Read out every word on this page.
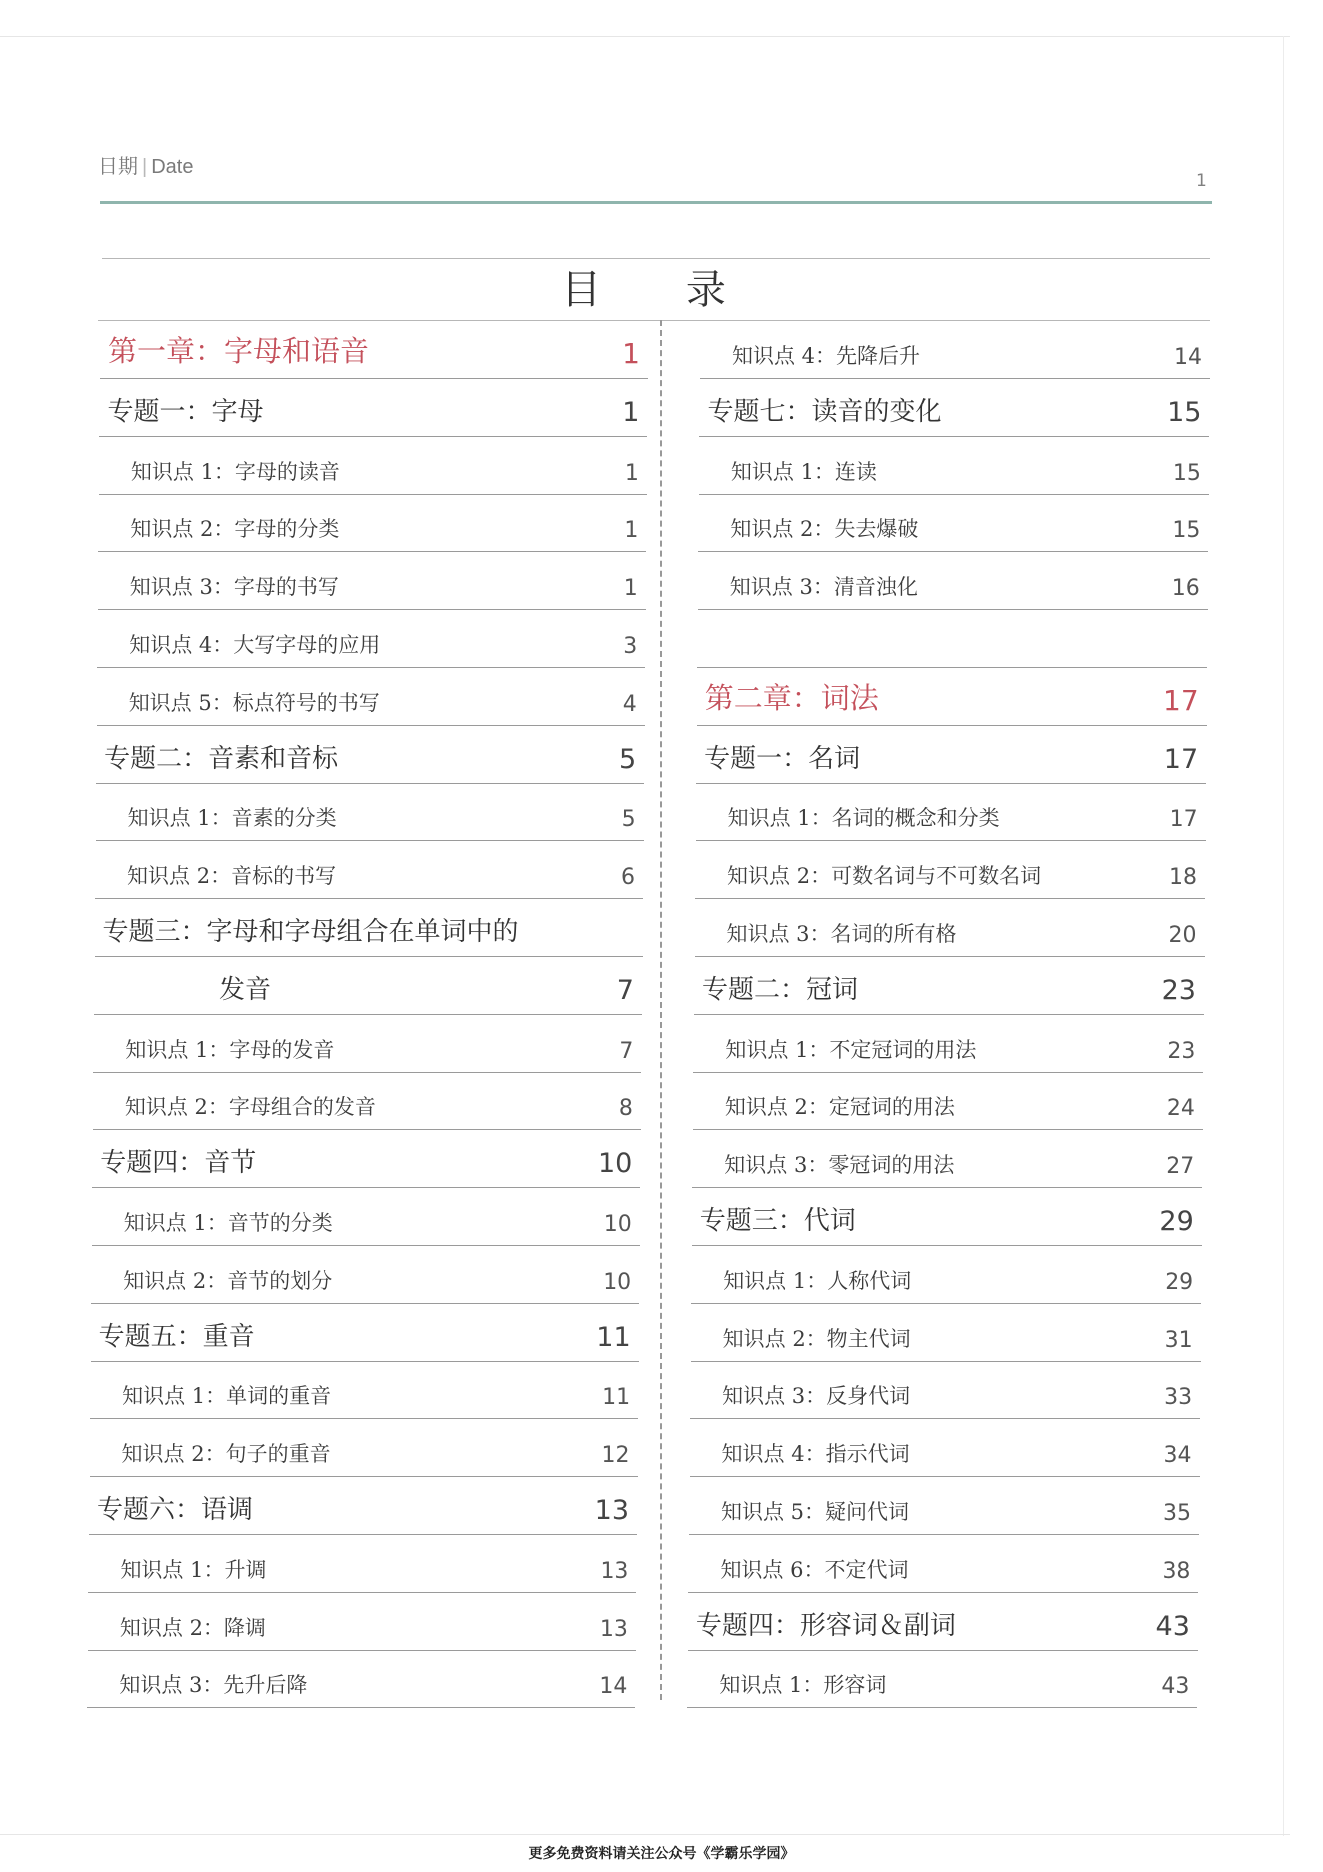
日期 | Date
1
目 录
第一章：字母和语音	1
专题一：字母	1
知识点 1：字母的读音	1
知识点 2：字母的分类	1
知识点 3：字母的书写	1
知识点 4：大写字母的应用	3
知识点 5：标点符号的书写	4
专题二：音素和音标	5
知识点 1：音素的分类	5
知识点 2：音标的书写	6
专题三：字母和字母组合在单词中的
发音	7
知识点 1：字母的发音	7
知识点 2：字母组合的发音	8
专题四：音节	10
知识点 1：音节的分类	10
知识点 2：音节的划分	10
专题五：重音	11
知识点 1：单词的重音	11
知识点 2：句子的重音	12
专题六：语调	13
知识点 1：升调	13
知识点 2：降调	13
知识点 3：先升后降	14
知识点 4：先降后升	14
专题七：读音的变化	15
知识点 1：连读	15
知识点 2：失去爆破	15
知识点 3：清音浊化	16
第二章：词法	17
专题一：名词	17
知识点 1：名词的概念和分类	17
知识点 2：可数名词与不可数名词	18
知识点 3：名词的所有格	20
专题二：冠词	23
知识点 1：不定冠词的用法	23
知识点 2：定冠词的用法	24
知识点 3：零冠词的用法	27
专题三：代词	29
知识点 1：人称代词	29
知识点 2：物主代词	31
知识点 3：反身代词	33
知识点 4：指示代词	34
知识点 5：疑问代词	35
知识点 6：不定代词	38
专题四：形容词＆副词	43
知识点 1：形容词	43
更多免费资料请关注公众号《学霸乐学园》
